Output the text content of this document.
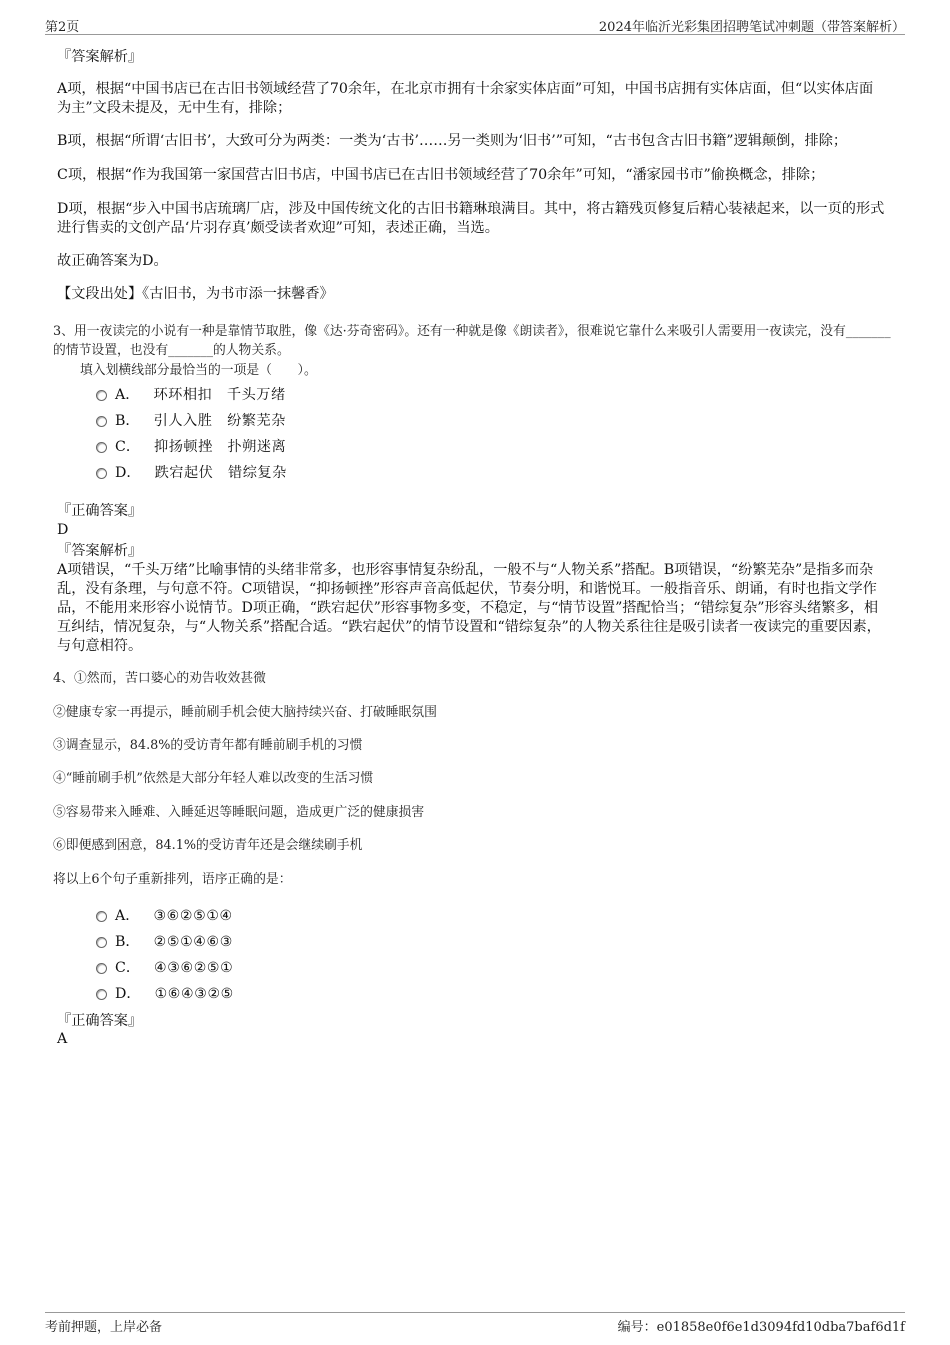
第2页	2024年临沂光彩集团招聘笔试冲刺题（带答案解析）
『答案解析』
A项，根据“中国书店已在古旧书领域经营了70余年，在北京市拥有十余家实体店面”可知，中国书店拥有实体店面，但“以实体店面为主”文段未提及，无中生有，排除；
B项，根据“所谓‘古旧书’，大致可分为两类：一类为‘古书’……另一类则为‘旧书’”可知，“古书包含古旧书籍”逻辑颠倒，排除；
C项，根据“作为我国第一家国营古旧书店，中国书店已在古旧书领域经营了70余年”可知，“潘家园书市”偷换概念，排除；
D项，根据“步入中国书店琉璃厂店，涉及中国传统文化的古旧书籍琳琅满目。其中，将古籍残页修复后精心装裱起来，以一页的形式进行售卖的文创产品‘片羽存真’颇受读者欢迎”可知，表述正确，当选。
故正确答案为D。
【文段出处】《古旧书，为书市添一抹馨香》
3、用一夜读完的小说有一种是靠情节取胜，像《达·芬奇密码》。还有一种就是像《朗读者》，很难说它靠什么来吸引人需要用一夜读完，没有_______的情节设置，也没有_______的人物关系。
填入划横线部分最恰当的一项是（　　）。
A． 环环相扣　千头万绪
B． 引人入胜　纷繁芜杂
C． 抑扬顿挫　扑朔迷离
D． 跌宕起伏　错综复杂
『正确答案』
D
『答案解析』
A项错误，“千头万绪”比喻事情的头绪非常多，也形容事情复杂纷乱，一般不与“人物关系”搭配。B项错误，“纷繁芜杂”是指多而杂乱，没有条理，与句意不符。C项错误，“抑扬顿挫”形容声音高低起伏，节奏分明，和谐悦耳。一般指音乐、朗诵，有时也指文学作品，不能用来形容小说情节。D项正确，“跌宕起伏”形容事物多变，不稳定，与“情节设置”搭配恰当；“错综复杂”形容头绪繁多，相互纠结，情况复杂，与“人物关系”搭配合适。“跌宕起伏”的情节设置和“错综复杂”的人物关系往往是吸引读者一夜读完的重要因素，与句意相符。
4、①然而，苦口婆心的劝告收效甚微
②健康专家一再提示，睡前刷手机会使大脑持续兴奋、打破睡眠氛围
③调查显示，84.8%的受访青年都有睡前刷手机的习惯
④“睡前刷手机”依然是大部分年轻人难以改变的生活习惯
⑤容易带来入睡难、入睡延迟等睡眠问题，造成更广泛的健康损害
⑥即便感到困意，84.1%的受访青年还是会继续刷手机
将以上6个句子重新排列，语序正确的是：
A． ③⑥②⑤①④
B． ②⑤①④⑥③
C． ④③⑥②⑤①
D． ①⑥④③②⑤
『正确答案』
A
考前押题，上岸必备	编号：e01858e0f6e1d3094fd10dba7baf6d1f
